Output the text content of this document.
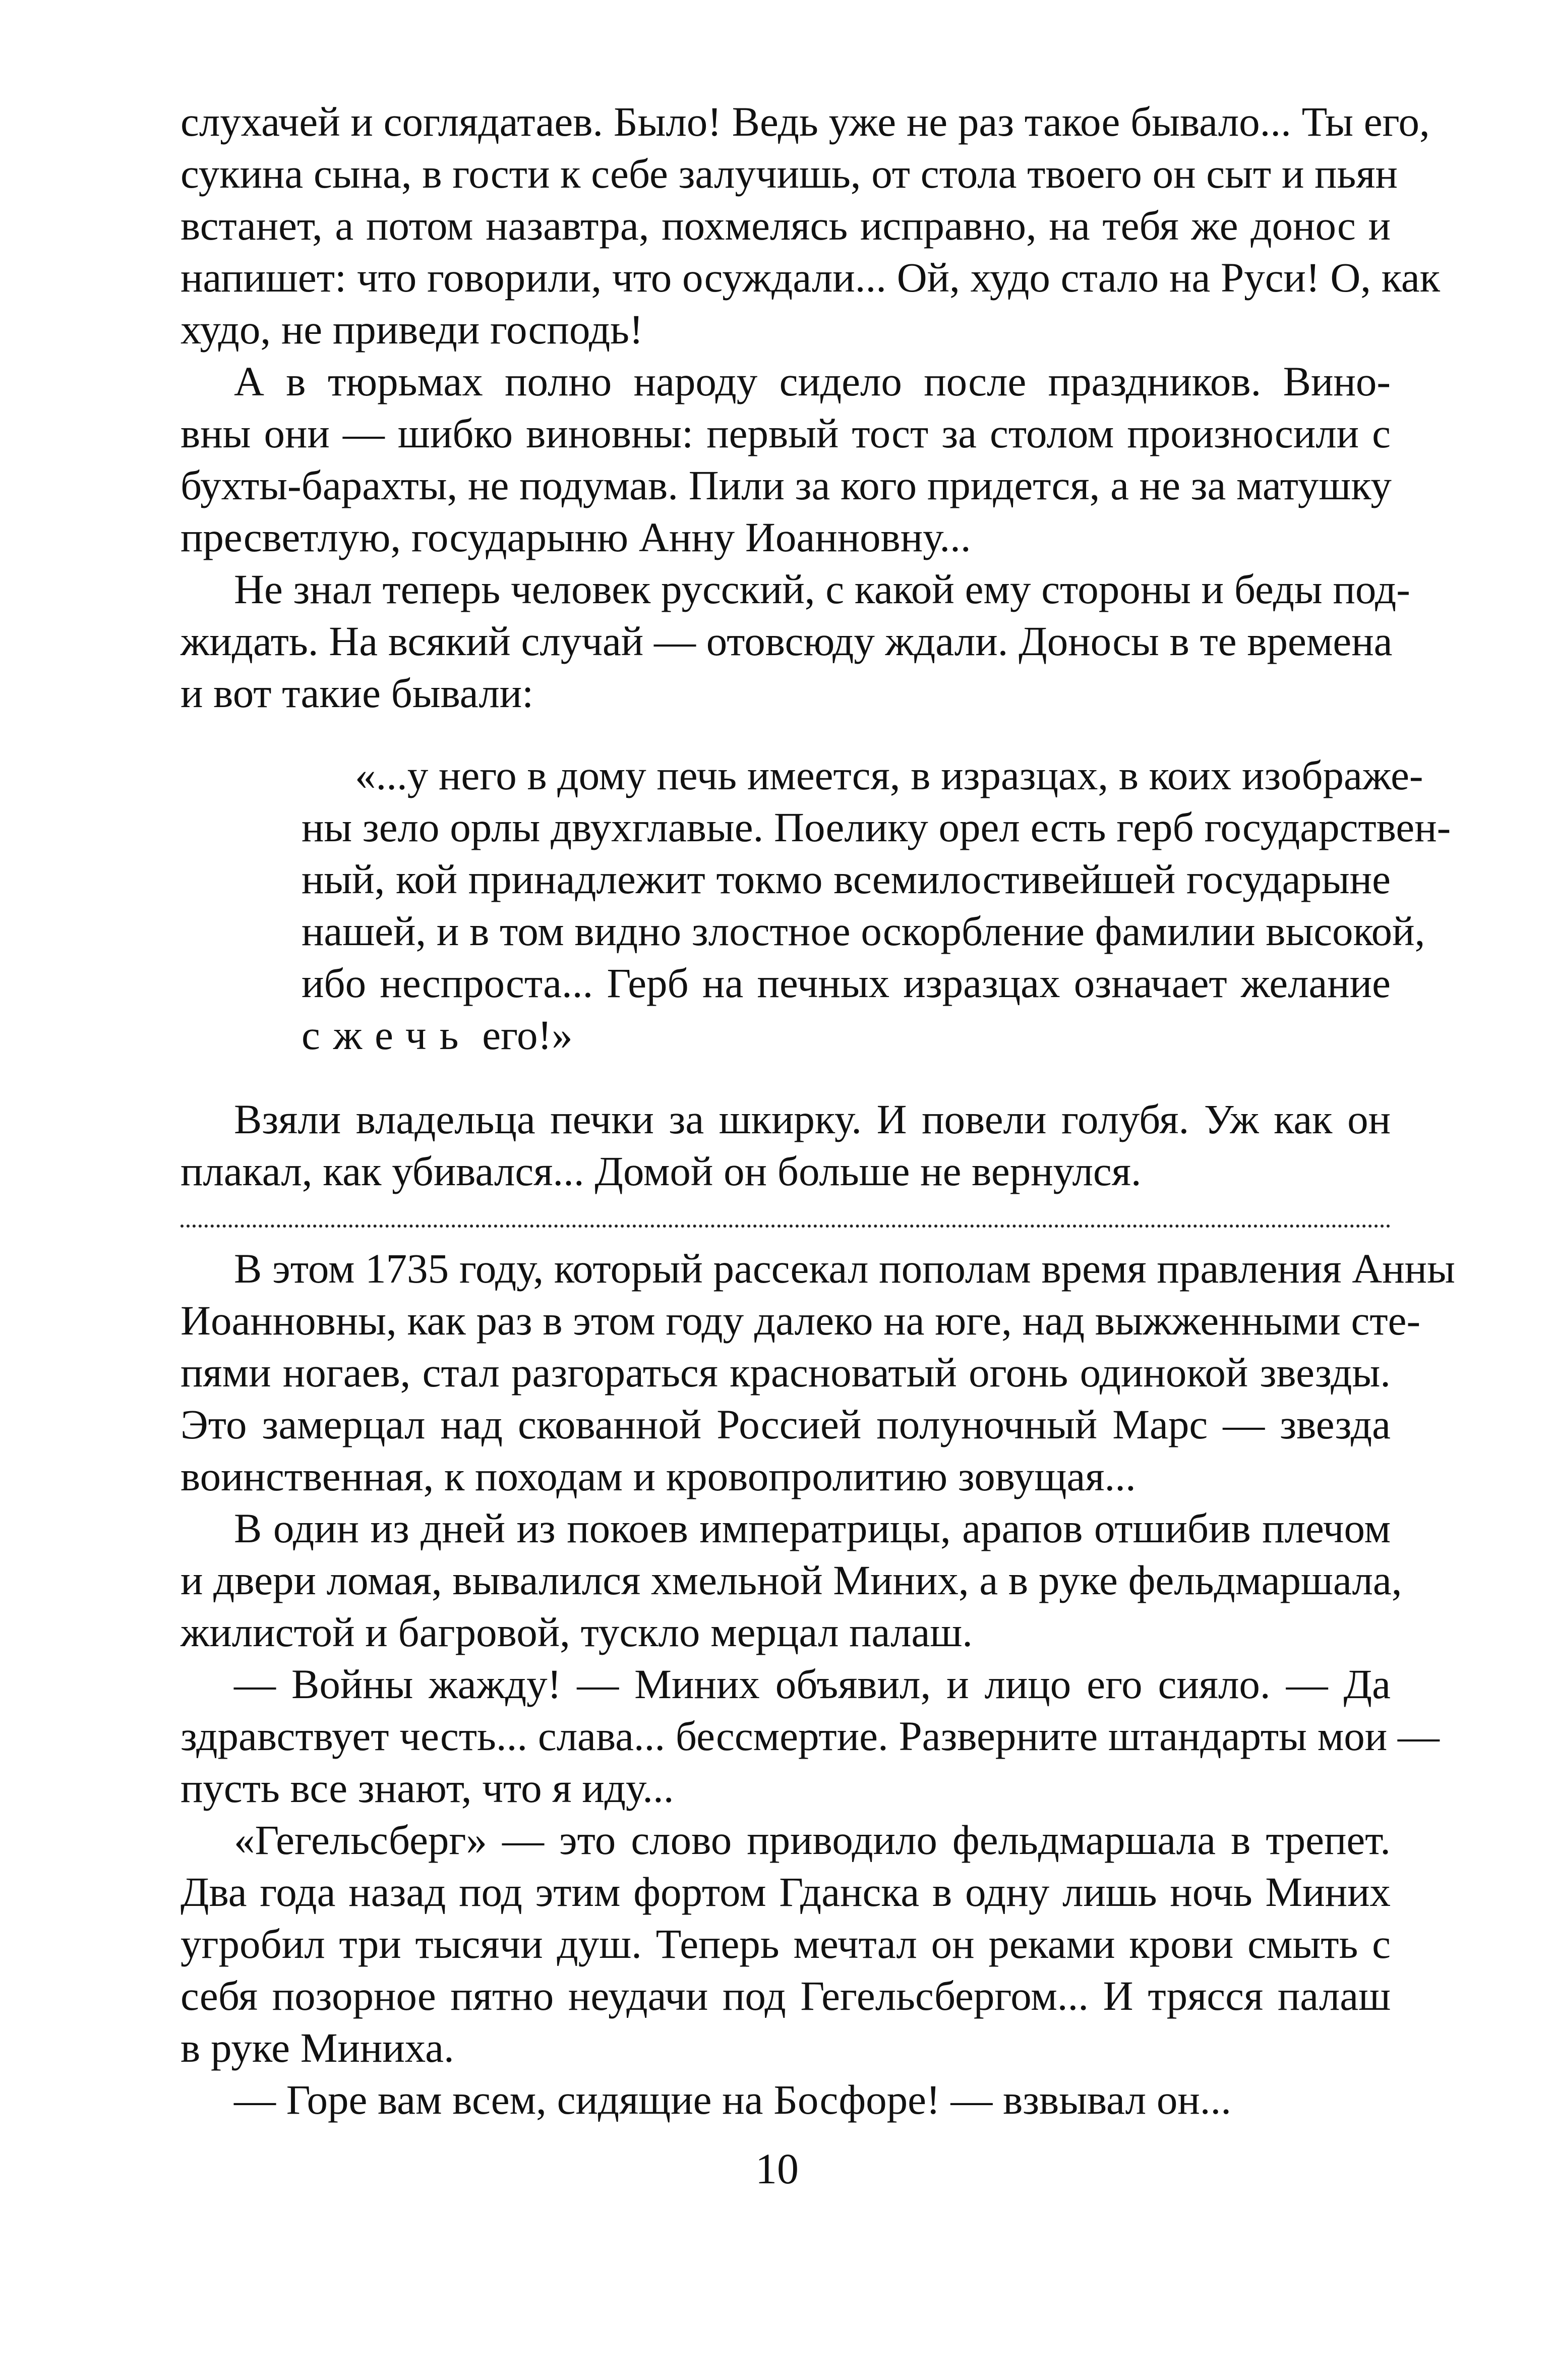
слухачей и соглядатаев. Было! Ведь уже не раз такое бывало... Ты его,
сукина сына, в гости к себе залучишь, от стола твоего он сыт и пьян
встанет, а потом назавтра, похмелясь исправно, на тебя же донос и
напишет: что говорили, что осуждали... Ой, худо стало на Руси! О, как
худо, не приведи господь!
А в тюрьмах полно народу сидело после праздников. Вино-
вны они — шибко виновны: первый тост за столом произносили с
бухты-барахты, не подумав. Пили за кого придется, а не за матушку
пресветлую, государыню Анну Иоанновну...
Не знал теперь человек русский, с какой ему стороны и беды под-
жидать. На всякий случай — отовсюду ждали. Доносы в те времена
и вот такие бывали:
«...у него в дому печь имеется, в изразцах, в коих изображе-
ны зело орлы двухглавые. Поелику орел есть герб государствен-
ный, кой принадлежит токмо всемилостивейшей государыне
нашей, и в том видно злостное оскорбление фамилии высокой,
ибо неспроста... Герб на печных изразцах означает желание
сжечь его!»
Взяли владельца печки за шкирку. И повели голубя. Уж как он
плакал, как убивался... Домой он больше не вернулся.
В этом 1735 году, который рассекал пополам время правления Анны
Иоанновны, как раз в этом году далеко на юге, над выжженными сте-
пями ногаев, стал разгораться красноватый огонь одинокой звезды.
Это замерцал над скованной Россией полуночный Марс — звезда
воинственная, к походам и кровопролитию зовущая...
В один из дней из покоев императрицы, арапов отшибив плечом
и двери ломая, вывалился хмельной Миних, а в руке фельдмаршала,
жилистой и багровой, тускло мерцал палаш.
— Войны жажду! — Миних объявил, и лицо его сияло. — Да
здравствует честь... слава... бессмертие. Разверните штандарты мои —
пусть все знают, что я иду...
«Гегельсберг» — это слово приводило фельдмаршала в трепет.
Два года назад под этим фортом Гданска в одну лишь ночь Миних
угробил три тысячи душ. Теперь мечтал он реками крови смыть с
себя позорное пятно неудачи под Гегельсбергом... И трясся палаш
в руке Миниха.
— Горе вам всем, сидящие на Босфоре! — взвывал он...
10
